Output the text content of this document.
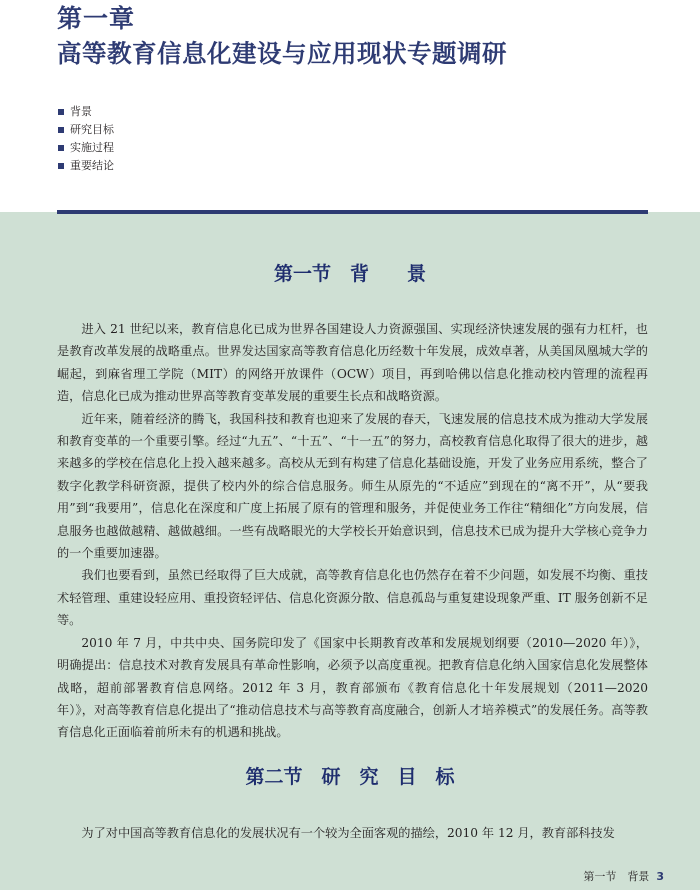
第一章
高等教育信息化建设与应用现状专题调研
背景
研究目标
实施过程
重要结论
第一节　背　　景

进入 21 世纪以来，教育信息化已成为世界各国建设人力资源强国、实现经济快速发展的强有力杠杆，也是教育改革发展的战略重点。世界发达国家高等教育信息化历经数十年发展，成效卓著，从美国凤凰城大学的崛起，到麻省理工学院（MIT）的网络开放课件（OCW）项目，再到哈佛以信息化推动校内管理的流程再造，信息化已成为推动世界高等教育变革发展的重要生长点和战略资源。

近年来，随着经济的腾飞，我国科技和教育也迎来了发展的春天，飞速发展的信息技术成为推动大学发展和教育变革的一个重要引擎。经过“九五”、“十五”、“十一五”的努力，高校教育信息化取得了很大的进步，越来越多的学校在信息化上投入越来越多。高校从无到有构建了信息化基础设施，开发了业务应用系统，整合了数字化教学科研资源，提供了校内外的综合信息服务。师生从原先的“不适应”到现在的“离不开”，从“要我用”到“我要用”，信息化在深度和广度上拓展了原有的管理和服务，并促使业务工作往“精细化”方向发展，信息服务也越做越精、越做越细。一些有战略眼光的大学校长开始意识到，信息技术已成为提升大学核心竞争力的一个重要加速器。

我们也要看到，虽然已经取得了巨大成就，高等教育信息化也仍然存在着不少问题，如发展不均衡、重技术轻管理、重建设轻应用、重投资轻评估、信息化资源分散、信息孤岛与重复建设现象严重、IT 服务创新不足等。

2010 年 7 月，中共中央、国务院印发了《国家中长期教育改革和发展规划纲要（2010—2020 年）》，明确提出：信息技术对教育发展具有革命性影响，必须予以高度重视。把教育信息化纳入国家信息化发展整体战略，超前部署教育信息网络。2012 年 3 月，教育部颁布《教育信息化十年发展规划（2011—2020 年）》，对高等教育信息化提出了“推动信息技术与高等教育高度融合，创新人才培养模式”的发展任务。高等教育信息化正面临着前所未有的机遇和挑战。

第二节　研　究　目　标

为了对中国高等教育信息化的发展状况有一个较为全面客观的描绘，2010 年 12 月，教育部科技发

第一节　背景 3
